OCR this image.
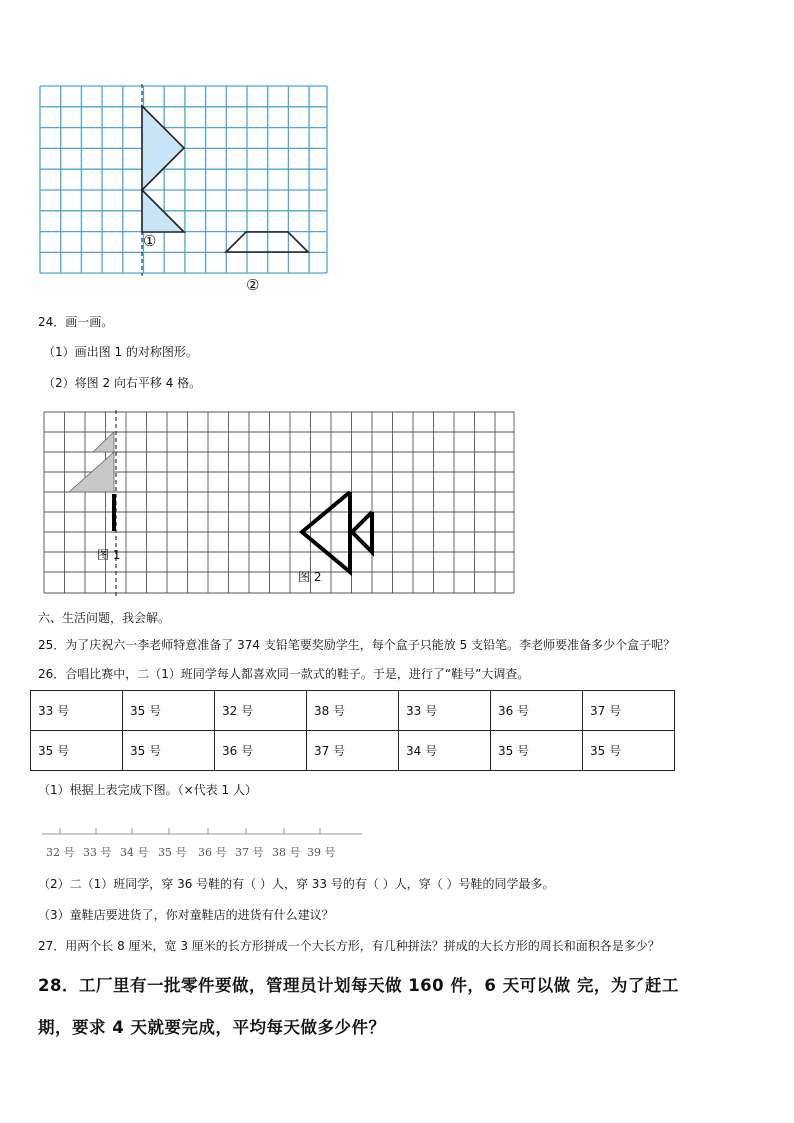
①
②
24．画一画。
（1）画出图 1 的对称图形。
（2）将图 2 向右平移 4 格。
图 1
图 2
六、生活问题，我会解。
25．为了庆祝六一李老师特意准备了 374 支铅笔要奖励学生，每个盒子只能放 5 支铅笔。李老师要准备多少个盒子呢？
26．合唱比赛中，二（1）班同学每人都喜欢同一款式的鞋子。于是，进行了“鞋号”大调查。
33 号	35 号	32 号	38 号	33 号	36 号	37 号
35 号	35 号	36 号	37 号	34 号	35 号	35 号
（1）根据上表完成下图。（×代表 1 人）
32 号 33 号 34 号 35 号 36 号 37 号 38 号 39 号
（2）二（1）班同学，穿 36 号鞋的有（ ）人，穿 33 号的有（ ）人，穿（ ）号鞋的同学最多。
（3）童鞋店要进货了，你对童鞋店的进货有什么建议？
27．用两个长 8 厘米，宽 3 厘米的长方形拼成一个大长方形，有几种拼法？拼成的大长方形的周长和面积各是多少？
28．工厂里有一批零件要做，管理员计划每天做 160 件，6 天可以做 完，为了赶工
期，要求 4 天就要完成，平均每天做多少件？
